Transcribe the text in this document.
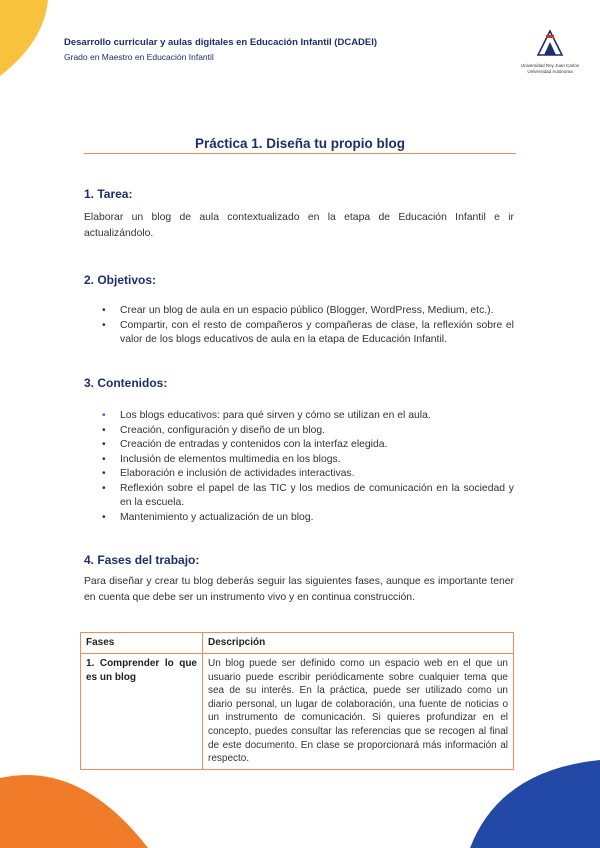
Desarrollo curricular y aulas digitales en Educación Infantil (DCADEI)
Grado en Maestro en Educación Infantil
Universidad Rey Juan Carlos
Universidad Autónoma
Práctica 1. Diseña tu propio blog
1. Tarea:
Elaborar un blog de aula contextualizado en la etapa de Educación Infantil e ir actualizándolo.
2. Objetivos:
• Crear un blog de aula en un espacio público (Blogger, WordPress, Medium, etc.).
• Compartir, con el resto de compañeros y compañeras de clase, la reflexión sobre el valor de los blogs educativos de aula en la etapa de Educación Infantil.
3. Contenidos:
• Los blogs educativos: para qué sirven y cómo se utilizan en el aula.
• Creación, configuración y diseño de un blog.
• Creación de entradas y contenidos con la interfaz elegida.
• Inclusión de elementos multimedia en los blogs.
• Elaboración e inclusión de actividades interactivas.
• Reflexión sobre el papel de las TIC y los medios de comunicación en la sociedad y en la escuela.
• Mantenimiento y actualización de un blog.
4. Fases del trabajo:
Para diseñar y crear tu blog deberás seguir las siguientes fases, aunque es importante tener en cuenta que debe ser un instrumento vivo y en continua construcción.
Fases	Descripción
1. Comprender lo que es un blog	Un blog puede ser definido como un espacio web en el que un usuario puede escribir periódicamente sobre cualquier tema que sea de su interés. En la práctica, puede ser utilizado como un diario personal, un lugar de colaboración, una fuente de noticias o un instrumento de comunicación. Si quieres profundizar en el concepto, puedes consultar las referencias que se recogen al final de este documento. En clase se proporcionará más información al respecto.
